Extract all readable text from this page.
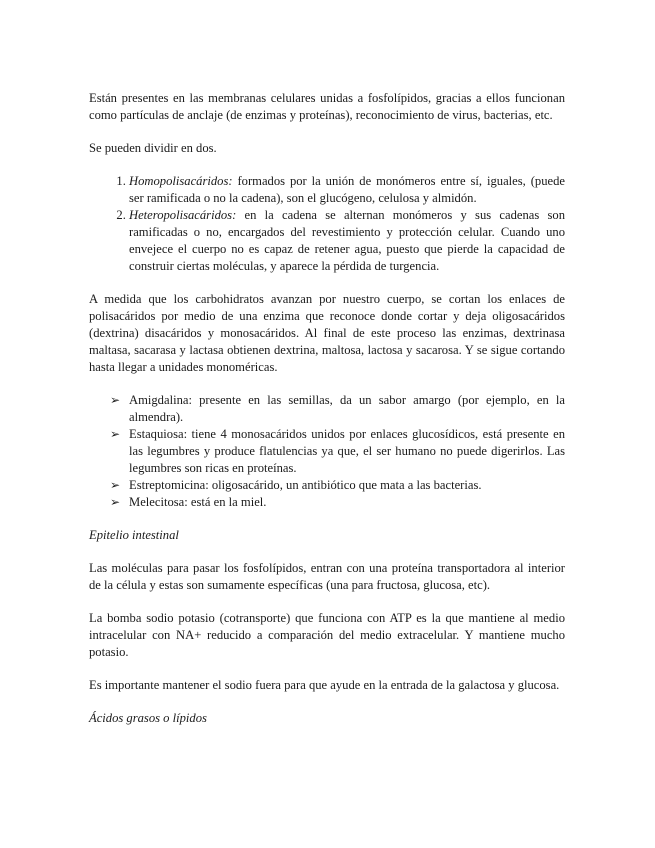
Están presentes en las membranas celulares unidas a fosfolípidos, gracias a ellos funcionan como partículas de anclaje (de enzimas y proteínas), reconocimiento de virus, bacterias, etc.

Se pueden dividir en dos.

1. Homopolisacáridos: formados por la unión de monómeros entre sí, iguales, (puede ser ramificada o no la cadena), son el glucógeno, celulosa y almidón.
2. Heteropolisacáridos: en la cadena se alternan monómeros y sus cadenas son ramificadas o no, encargados del revestimiento y protección celular. Cuando uno envejece el cuerpo no es capaz de retener agua, puesto que pierde la capacidad de construir ciertas moléculas, y aparece la pérdida de turgencia.

A medida que los carbohidratos avanzan por nuestro cuerpo, se cortan los enlaces de polisacáridos por medio de una enzima que reconoce donde cortar y deja oligosacáridos (dextrina) disacáridos y monosacáridos. Al final de este proceso las enzimas, dextrinasa maltasa, sacarasa y lactasa obtienen dextrina, maltosa, lactosa y sacarosa. Y se sigue cortando hasta llegar a unidades monoméricas.

➢ Amigdalina: presente en las semillas, da un sabor amargo (por ejemplo, en la almendra).
➢ Estaquiosa: tiene 4 monosacáridos unidos por enlaces glucosídicos, está presente en las legumbres y produce flatulencias ya que, el ser humano no puede digerirlos. Las legumbres son ricas en proteínas.
➢ Estreptomicina: oligosacárido, un antibiótico que mata a las bacterias.
➢ Melecitosa: está en la miel.
Epitelio intestinal

Las moléculas para pasar los fosfolípidos, entran con una proteína transportadora al interior de la célula y estas son sumamente específicas (una para fructosa, glucosa, etc).

La bomba sodio potasio (cotransporte) que funciona con ATP es la que mantiene al medio intracelular con NA+ reducido a comparación del medio extracelular. Y mantiene mucho potasio.

Es importante mantener el sodio fuera para que ayude en la entrada de la galactosa y glucosa.

Ácidos grasos o lípidos
